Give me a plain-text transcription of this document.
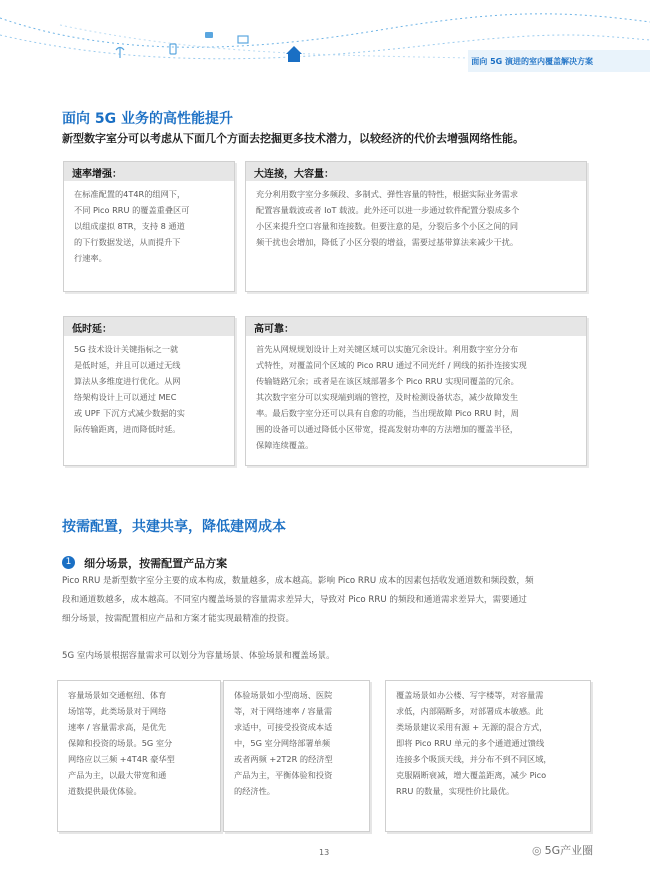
面向 5G 演进的室内覆盖解决方案
面向 5G 业务的高性能提升

新型数字室分可以考虑从下面几个方面去挖掘更多技术潜力，以较经济的代价去增强网络性能。

速率增强：
在标准配置的4T4R的组网下，
不同 Pico RRU 的覆盖重叠区可
以组成虚拟 8TR，支持 8 通道
的下行数据发送，从而提升下
行速率。
大连接，大容量：
充分利用数字室分多频段、多制式、弹性容量的特性，根据实际业务需求
配置容量载波或者 IoT 载波。此外还可以进一步通过软件配置分裂成多个
小区来提升空口容量和连接数。但要注意的是，分裂后多个小区之间的同
频干扰也会增加，降低了小区分裂的增益，需要过基带算法来减少干扰。
低时延：
5G 技术设计关键指标之一就
是低时延，并且可以通过无线
算法从多维度进行优化。从网
络架构设计上可以通过 MEC
或 UPF 下沉方式减少数据的实
际传输距离，进而降低时延。
高可靠：
首先从网规规划设计上对关键区域可以实施冗余设计。利用数字室分分布
式特性，对覆盖同个区域的 Pico RRU 通过不同光纤 / 网线的拓扑连接实现
传输链路冗余；或者是在该区域部署多个 Pico RRU 实现同覆盖的冗余。
其次数字室分可以实现端到端的管控，及时检测设备状态，减少故障发生
率。最后数字室分还可以具有自愈的功能，当出现故障 Pico RRU 时，周
围的设备可以通过降低小区带宽，提高发射功率的方法增加的覆盖半径，
保障连续覆盖。
按需配置，共建共享，降低建网成本
1 细分场景，按需配置产品方案
Pico RRU 是新型数字室分主要的成本构成，数量越多，成本越高。影响 Pico RRU 成本的因素包括收发通道数和频段数，频
段和通道数越多，成本越高。不同室内覆盖场景的容量需求差异大，导致对 Pico RRU 的频段和通道需求差异大，需要通过
细分场景，按需配置相应产品和方案才能实现最精准的投资。

5G 室内场景根据容量需求可以划分为容量场景、体验场景和覆盖场景。

容量场景如交通枢纽、体育
场馆等，此类场景对于网络
速率 / 容量需求高，是优先
保障和投资的场景。5G 室分
网络应以三频 +4T4R 豪华型
产品为主，以最大带宽和通
道数提供最优体验。
体验场景如小型商场、医院
等，对于网络速率 / 容量需
求适中，可接受投资成本适
中，5G 室分网络部署单频
或者两频 +2T2R 的经济型
产品为主，平衡体验和投资
的经济性。
覆盖场景如办公楼、写字楼等，对容量需
求低，内部隔断多，对部署成本敏感。此
类场景建议采用有源 + 无源的混合方式，
即将 Pico RRU 单元的多个通道通过馈线
连接多个吸顶天线，并分布不到不同区域，
克服隔断衰减，增大覆盖距离，减少 Pico
RRU 的数量，实现性价比最优。
13	◎ 5G产业圈
